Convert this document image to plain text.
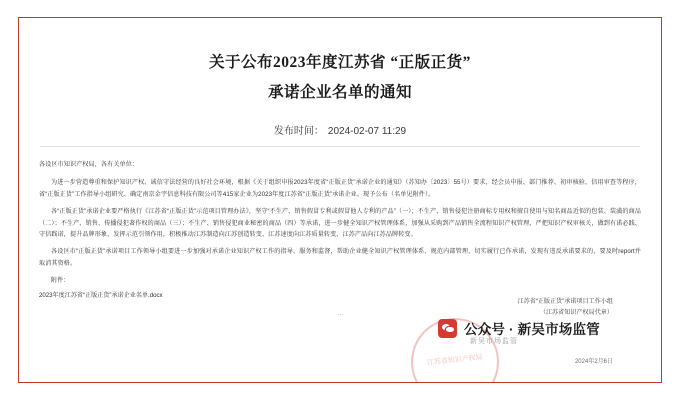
关于公布2023年度江苏省 “正版正货”
承诺企业名单的通知
发布时间： 2024-02-07 11:29

各设区市知识产权局，各有关单位：

为进一步营造尊重和保护知识产权、诚信守法经营的良好社会环境，根据《关于组织申报2023年度省“正版正货”承诺企业的通知》（苏知办〔2023〕55号）要求，经会员申报、部门推荐、初审核验、信用审查等程序，省“正版正货”工作指导小组研究、确定南京金宇信息科技有限公司等415家企业为2023年度江苏省“正版正货”承诺企业。现予公布（名单见附件）。

各“正版正货”承诺企业要严格执行《江苏省“正版正货”示范项目管理办法》，坚守“不生产、销售假冒专利或假冒他人专利的产品”（一）；不生产、销售侵犯注册商标专用权和擅自使用与知名商品近似的包装、装潢的商品（二）；不生产、销售、传播侵犯著作权的商品（三）；不生产、销售侵犯商业秘密的商品（四）等承诺，进一步健全知识产权管理体系，加强从采购到产品销售全流程知识产权管理，严把知识产权审核关，做到有诺必践、守信践诺，提升品牌形象，发挥示范引领作用，积极推动江苏制造向江苏创造转变、江苏速度向江苏质量转变、江苏产品向江苏品牌转变。

各设区市“正版正货”承诺项目工作领导小组要进一步加强对承诺企业知识产权工作的指导、服务和监督，帮助企业健全知识产权管理体系、规范内部管理，切实履行已作承诺，发现有违反承诺要求的，要及时report并取消其资格。

附件：

2023年度江苏省“正版正货”承诺企业名单.docx

江苏省“正版正货”承诺项目工作小组
（江苏省知识产权局代章）
江苏省知识产权局
…
2024年2月6日
公众号 · 新吴市场监管
新吴市场监管
